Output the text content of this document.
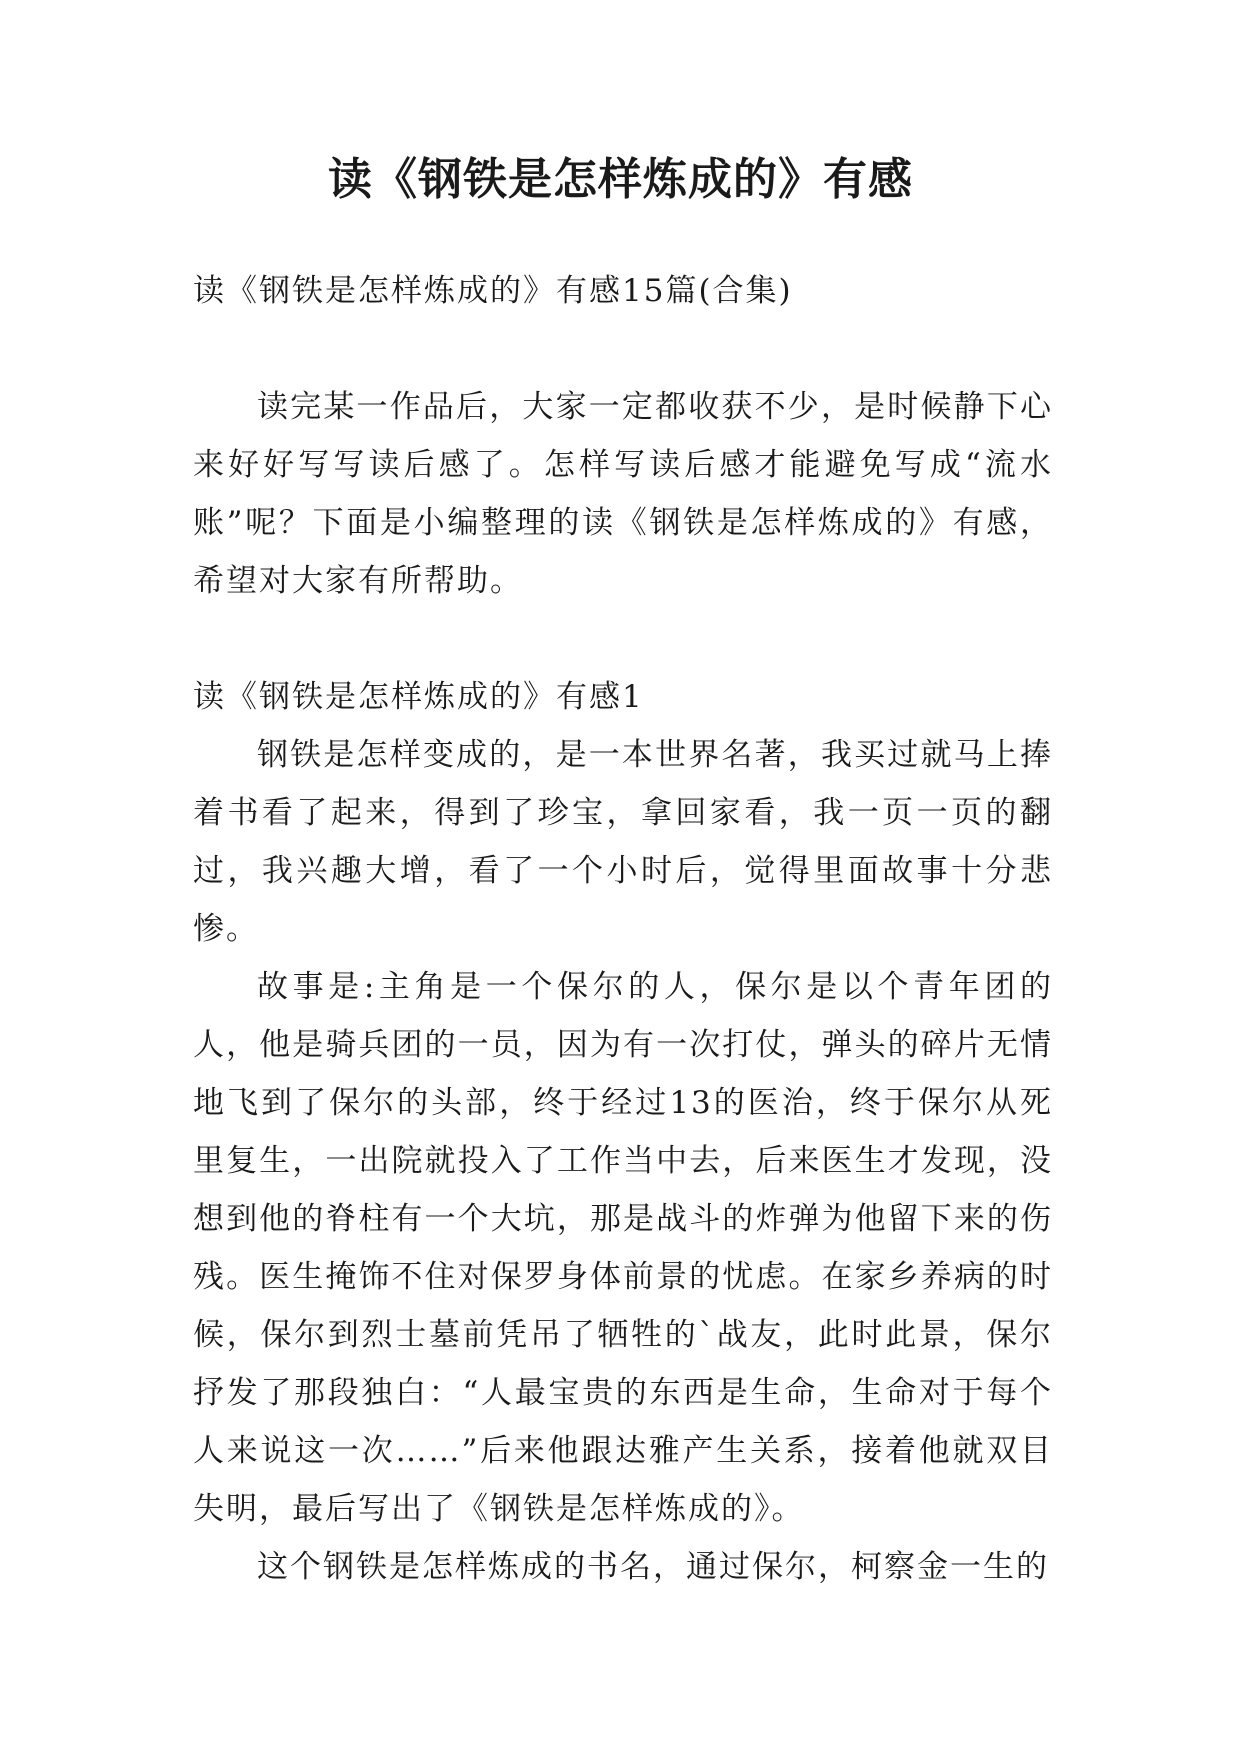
读《钢铁是怎样炼成的》有感

读《钢铁是怎样炼成的》有感15篇(合集)

读完某一作品后，大家一定都收获不少，是时候静下心来好好写写读后感了。怎样写读后感才能避免写成“流水账”呢？下面是小编整理的读《钢铁是怎样炼成的》有感，希望对大家有所帮助。

读《钢铁是怎样炼成的》有感1

钢铁是怎样变成的，是一本世界名著，我买过就马上捧着书看了起来，得到了珍宝，拿回家看，我一页一页的翻过，我兴趣大增，看了一个小时后，觉得里面故事十分悲惨。

故事是:主角是一个保尔的人，保尔是以个青年团的人，他是骑兵团的一员，因为有一次打仗，弹头的碎片无情地飞到了保尔的头部，终于经过13的医治，终于保尔从死里复生，一出院就投入了工作当中去，后来医生才发现，没想到他的脊柱有一个大坑，那是战斗的炸弹为他留下来的伤残。医生掩饰不住对保罗身体前景的忧虑。在家乡养病的时候，保尔到烈士墓前凭吊了牺牲的`战友，此时此景，保尔抒发了那段独白：“人最宝贵的东西是生命，生命对于每个人来说这一次……”后来他跟达雅产生关系，接着他就双目失明，最后写出了《钢铁是怎样炼成的》。

这个钢铁是怎样炼成的书名，通过保尔，柯察金一生的
